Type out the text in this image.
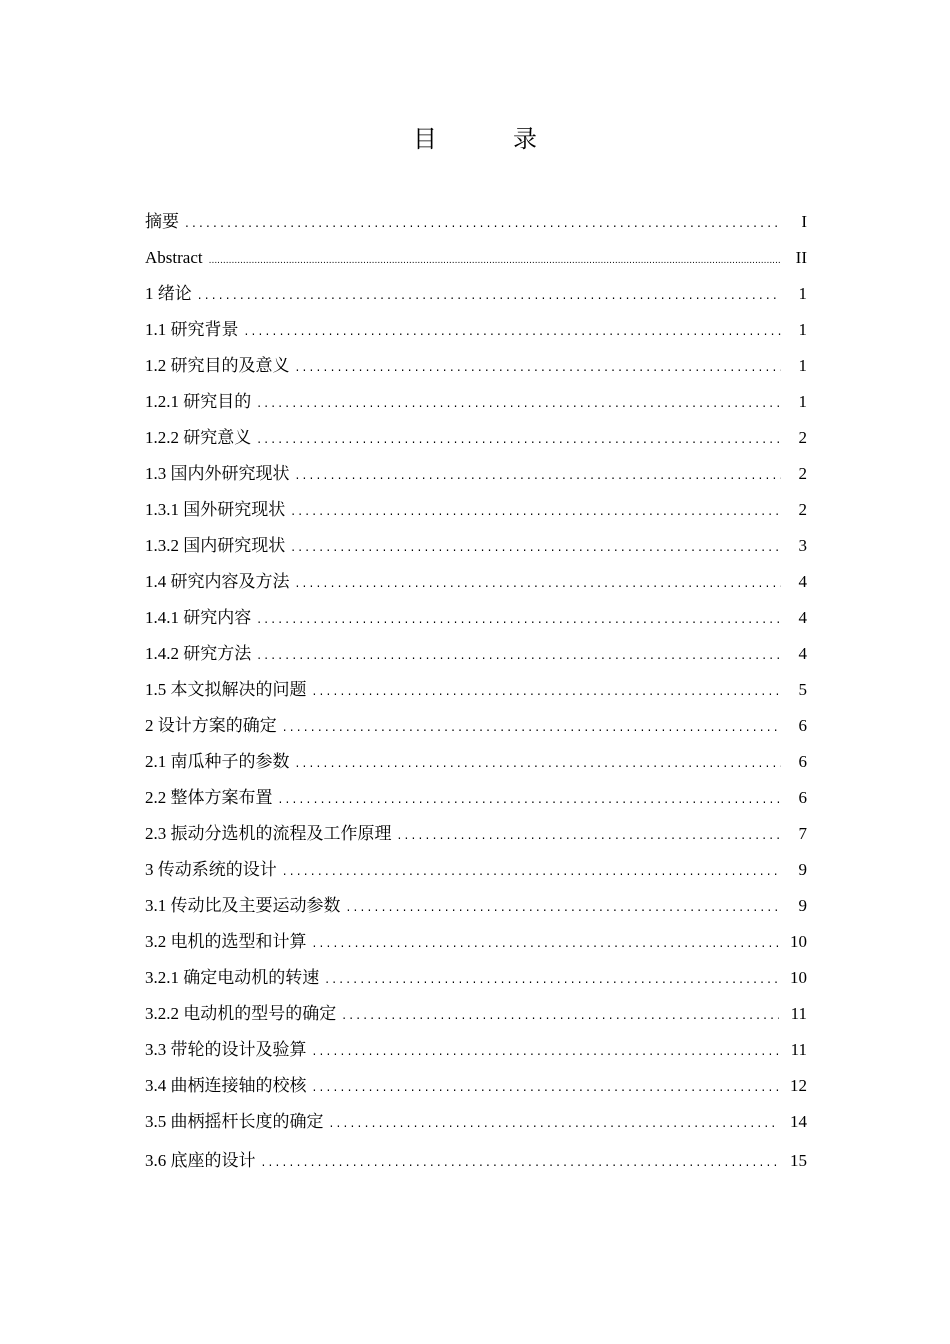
目　录
摘要 .....	I
Abstract .....	II
1 绪论 .....	1
1.1 研究背景 .....	1
1.2 研究目的及意义 .....	1
1.2.1 研究目的 .....	1
1.2.2 研究意义 .....	2
1.3 国内外研究现状 .....	2
1.3.1 国外研究现状 .....	2
1.3.2 国内研究现状 .....	3
1.4 研究内容及方法 .....	4
1.4.1 研究内容 .....	4
1.4.2 研究方法 .....	4
1.5 本文拟解决的问题 .....	5
2 设计方案的确定 .....	6
2.1 南瓜种子的参数 .....	6
2.2 整体方案布置 .....	6
2.3 振动分选机的流程及工作原理 .....	7
3 传动系统的设计 .....	9
3.1 传动比及主要运动参数 .....	9
3.2 电机的选型和计算 .....	10
3.2.1 确定电动机的转速 .....	10
3.2.2 电动机的型号的确定 .....	11
3.3 带轮的设计及验算 .....	11
3.4 曲柄连接轴的校核 .....	12
3.5 曲柄摇杆长度的确定 .....	14
3.6 底座的设计 .....	15
